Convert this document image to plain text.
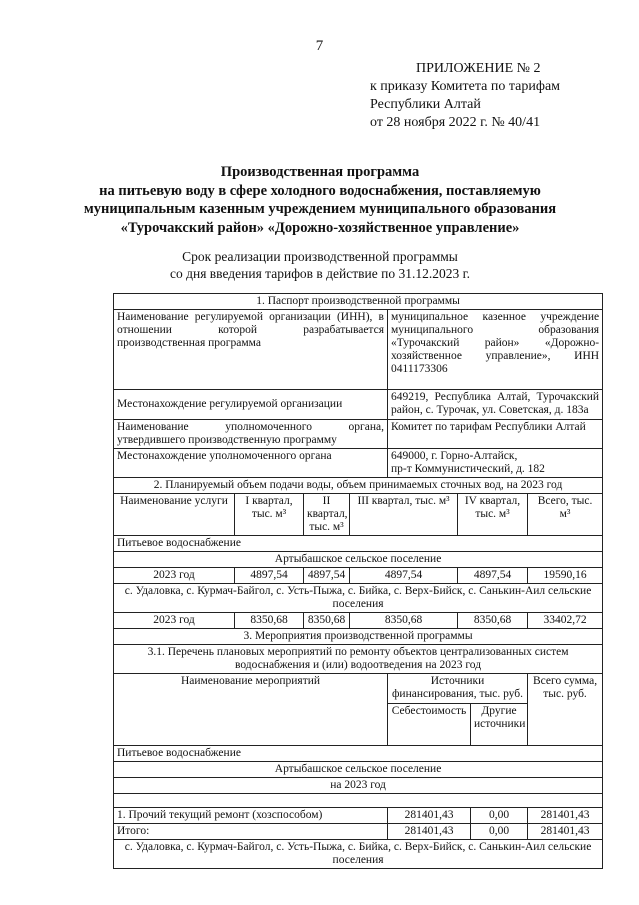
7
ПРИЛОЖЕНИЕ № 2
к приказу Комитета по тарифам
Республики Алтай
от 28 ноября 2022 г. № 40/41
Производственная программа
на питьевую воду в сфере холодного водоснабжения, поставляемую
муниципальным казенным учреждением муниципального образования
«Турочакский район» «Дорожно-хозяйственное управление»
Срок реализации производственной программы
со дня введения тарифов в действие по 31.12.2023 г.
1. Паспорт производственной программы							
Наименование регулируемой организации (ИНН), в отношении которой разрабатывается производственная программа				муниципальное казенное учреждение муниципального образования «Турочакский район» «Дорожно-хозяйственное управление», ИНН 0411173306			
Местонахождение регулируемой организации				649219, Республика Алтай, Турочакский район, с. Турочак, ул. Советская, д. 183а			
Наименование уполномоченного органа, утвердившего производственную программу				Комитет по тарифам Республики Алтай			
Местонахождение уполномоченного органа				649000, г. Горно-Алтайск,
пр-т Коммунистический, д. 182			

2. Планируемый объем подачи воды, объем принимаемых сточных вод, на 2023 год							
Наименование услуги	I квартал, тыс. м³	II квартал, тыс. м³	III квартал, тыс. м³		IV квартал, тыс. м³		Всего, тыс. м³
Питьевое водоснабжение							
Артыбашское сельское поселение							
2023 год	4897,54	4897,54	4897,54		4897,54		19590,16
с. Удаловка, с. Курмач-Байгол, с. Усть-Пыжа, с. Бийка, с. Верх-Бийск, с. Санькин-Аил сельские поселения							
2023 год	8350,68	8350,68	8350,68		8350,68		33402,72
3. Мероприятия производственной программы							
3.1. Перечень плановых мероприятий по ремонту объектов централизованных систем водоснабжения и (или) водоотведения на 2023 год							
Наименование мероприятий				Источники финансирования, тыс. руб.			Всего сумма, тыс. руб.
				Себестоимость		Другие источники	
Питьевое водоснабжение							
Артыбашское сельское поселение							
на 2023 год							

1. Прочий текущий ремонт (хозспособом)				281401,43		0,00	281401,43
Итого:				281401,43		0,00	281401,43
с. Удаловка, с. Курмач-Байгол, с. Усть-Пыжа, с. Бийка, с. Верх-Бийск, с. Санькин-Аил сельские поселения							
